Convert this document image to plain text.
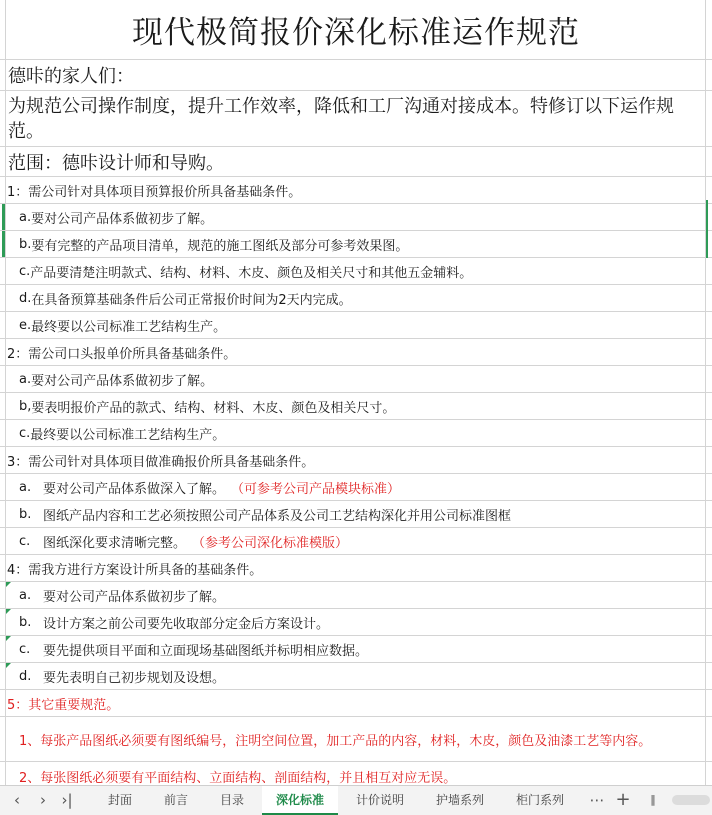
现代极简报价深化标准运作规范
德咔的家人们：
为规范公司操作制度，提升工作效率，降低和工厂沟通对接成本。特修订以下运作规范。
范围：德咔设计师和导购。
1：需公司针对具体项目预算报价所具备基础条件。
a. 要对公司产品体系做初步了解。
b. 要有完整的产品项目清单，规范的施工图纸及部分可参考效果图。
c. 产品要清楚注明款式、结构、材料、木皮、颜色及相关尺寸和其他五金辅料。
d. 在具备预算基础条件后公司正常报价时间为2天内完成。
e. 最终要以公司标准工艺结构生产。
2：需公司口头报单价所具备基础条件。
a. 要对公司产品体系做初步了解。
b, 要表明报价产品的款式、结构、材料、木皮、颜色及相关尺寸。
c. 最终要以公司标准工艺结构生产。
3：需公司针对具体项目做准确报价所具备基础条件。
a. 要对公司产品体系做深入了解。 （可参考公司产品模块标准）
b. 图纸产品内容和工艺必须按照公司产品体系及公司工艺结构深化并用公司标准图框
c. 图纸深化要求清晰完整。 （参考公司深化标准模版）
4：需我方进行方案设计所具备的基础条件。
a. 要对公司产品体系做初步了解。
b. 设计方案之前公司要先收取部分定金后方案设计。
c. 要先提供项目平面和立面现场基础图纸并标明相应数据。
d. 要先表明自己初步规划及设想。
5：其它重要规范。
1、每张产品图纸必须要有图纸编号，注明空间位置，加工产品的内容，材料，木皮，颜色及油漆工艺等内容。
2、每张图纸必须要有平面结构、立面结构、剖面结构，并且相互对应无误。
‹	›	›|	封面	前言	目录	深化标准	计价说明	护墙系列	柜门系列	⋯ +	‖
